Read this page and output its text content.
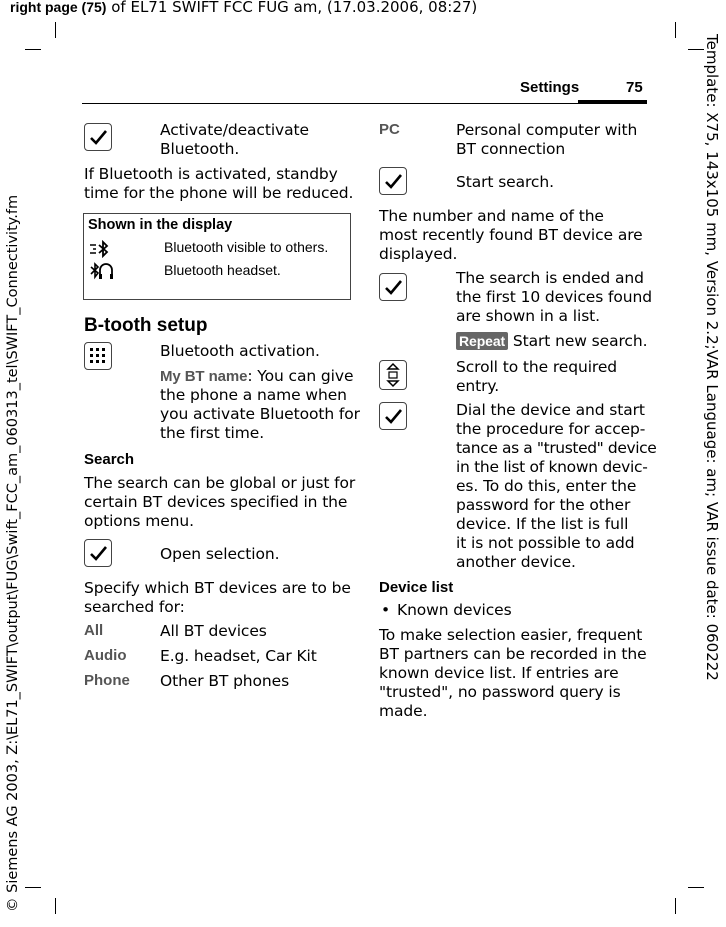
right page (75) of EL71 SWIFT FCC FUG am, (17.03.2006, 08:27)
© Siemens AG 2003, Z:\EL71_SWIFT\output\FUG\Swift_FCC_am_060313_tel\SWIFT_Connectivity.fm	Template: X75, 143x105 mm, Version 2.2;VAR Language: am; VAR issue date: 060222
Settings	75
Activate/deactivate
Bluetooth.
If Bluetooth is activated, standby
time for the phone will be reduced.
Shown in the display
Bluetooth visible to others.
Bluetooth headset.
B-tooth setup
Bluetooth activation.
My BT name: You can give
the phone a name when
you activate Bluetooth for
the first time.
Search
The search can be global or just for
certain BT devices specified in the
options menu.
Open selection.
Specify which BT devices are to be
searched for:
All	All BT devices
Audio E.g. headset, Car Kit
Phone Other BT phones
PC	Personal computer with
BT connection
Start search.
The number and name of the
most recently found BT device are
displayed.
The search is ended and
the first 10 devices found
are shown in a list.
Repeat Start new search.
Scroll to the required
entry.
Dial the device and start
the procedure for accep-
tance as a "trusted" device
in the list of known devic-
es. To do this, enter the
password for the other
device. If the list is full
it is not possible to add
another device.
Device list
• Known devices
To make selection easier, frequent
BT partners can be recorded in the
known device list. If entries are
"trusted", no password query is
made.
